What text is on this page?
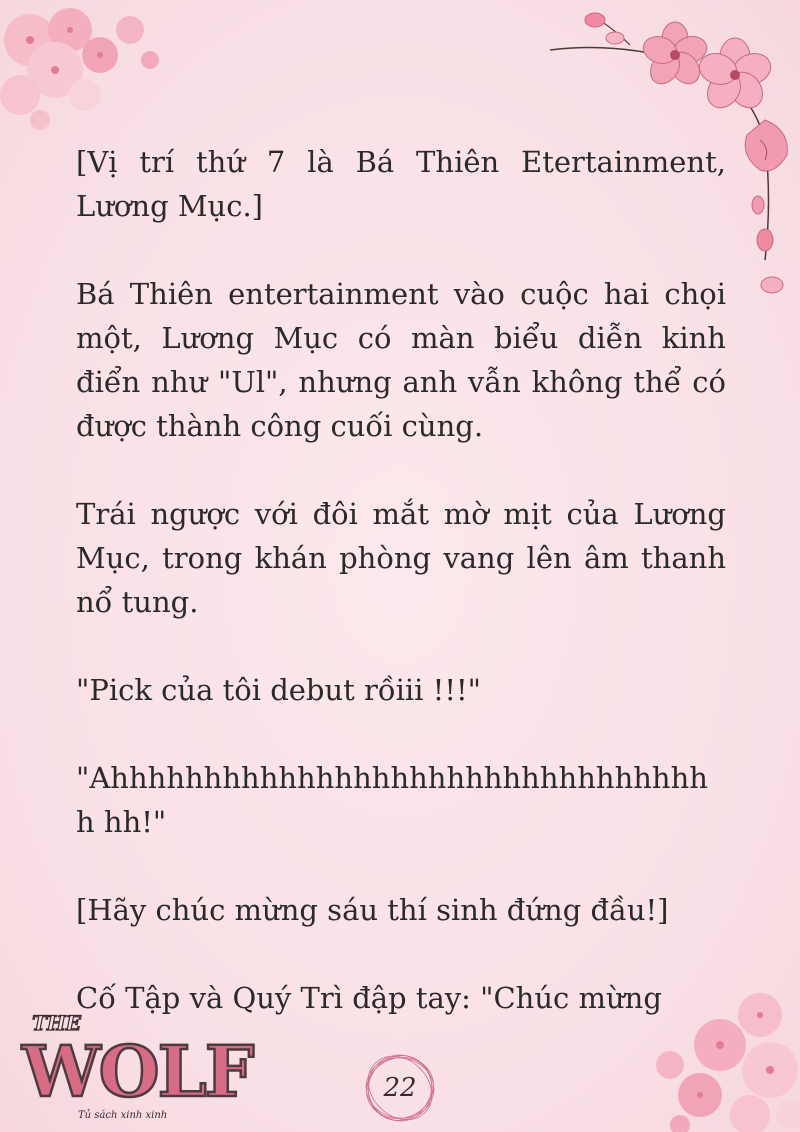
[Vị trí thứ 7 là Bá Thiên Etertainment, Lương Mục.]

Bá Thiên entertainment vào cuộc hai chọi một, Lương Mục có màn biểu diễn kinh điển như "Ul", nhưng anh vẫn không thể có được thành công cuối cùng.

Trái ngược với đôi mắt mờ mịt của Lương Mục, trong khán phòng vang lên âm thanh nổ tung.

"Pick của tôi debut rồiii !!!"

"Ahhhhhhhhhhhhhhhhhhhhhhhhhhhhhhhhh hh!"

[Hãy chúc mừng sáu thí sinh đứng đầu!]

Cố Tập và Quý Trì đập tay: "Chúc mừng

THE
WOLF
Tủ sách xinh xinh
22
